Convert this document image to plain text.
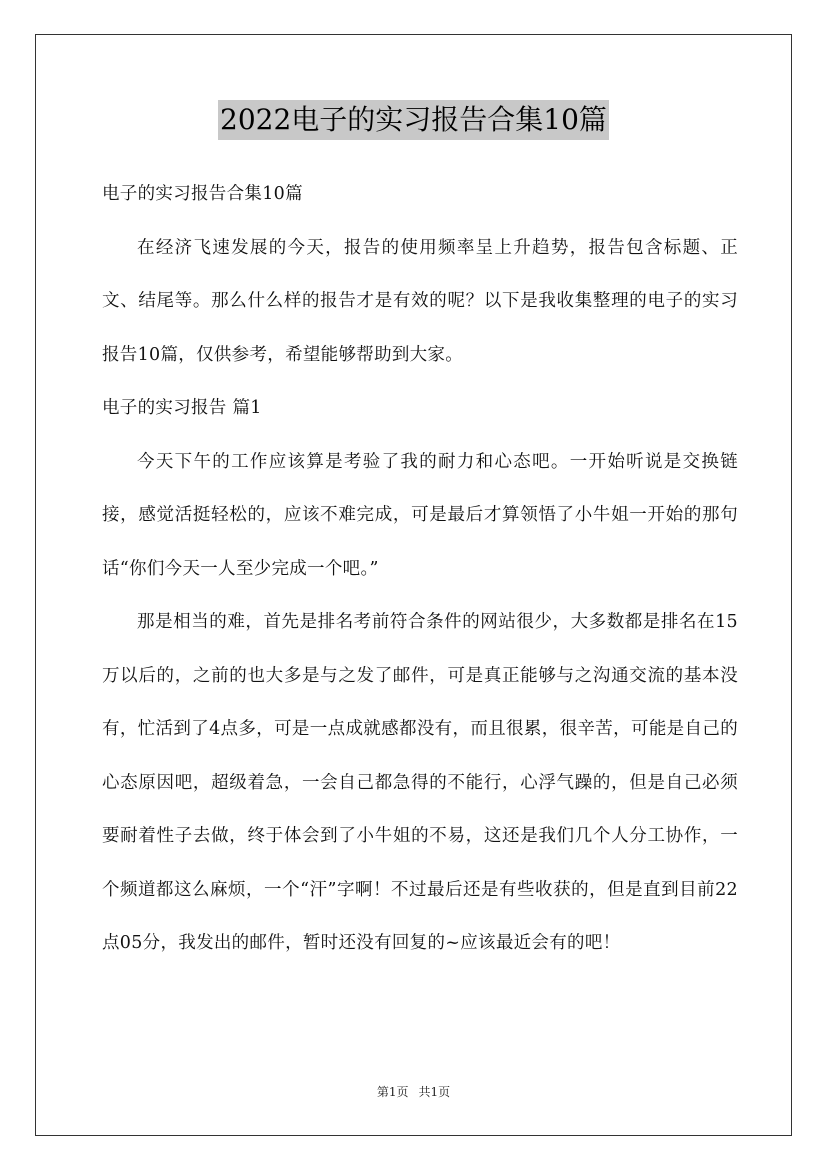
2022电子的实习报告合集10篇

电子的实习报告合集10篇

在经济飞速发展的今天，报告的使用频率呈上升趋势，报告包含标题、正文、结尾等。那么什么样的报告才是有效的呢？以下是我收集整理的电子的实习报告10篇，仅供参考，希望能够帮助到大家。

电子的实习报告 篇1

今天下午的工作应该算是考验了我的耐力和心态吧。一开始听说是交换链接，感觉活挺轻松的，应该不难完成，可是最后才算领悟了小牛姐一开始的那句话“你们今天一人至少完成一个吧。”

那是相当的难，首先是排名考前符合条件的网站很少，大多数都是排名在15万以后的，之前的也大多是与之发了邮件，可是真正能够与之沟通交流的基本没有，忙活到了4点多，可是一点成就感都没有，而且很累，很辛苦，可能是自己的心态原因吧，超级着急，一会自己都急得的不能行，心浮气躁的，但是自己必须要耐着性子去做，终于体会到了小牛姐的不易，这还是我们几个人分工协作，一个频道都这么麻烦，一个“汗”字啊！不过最后还是有些收获的，但是直到目前22点05分，我发出的邮件，暂时还没有回复的~应该最近会有的吧！

第1页 共1页
